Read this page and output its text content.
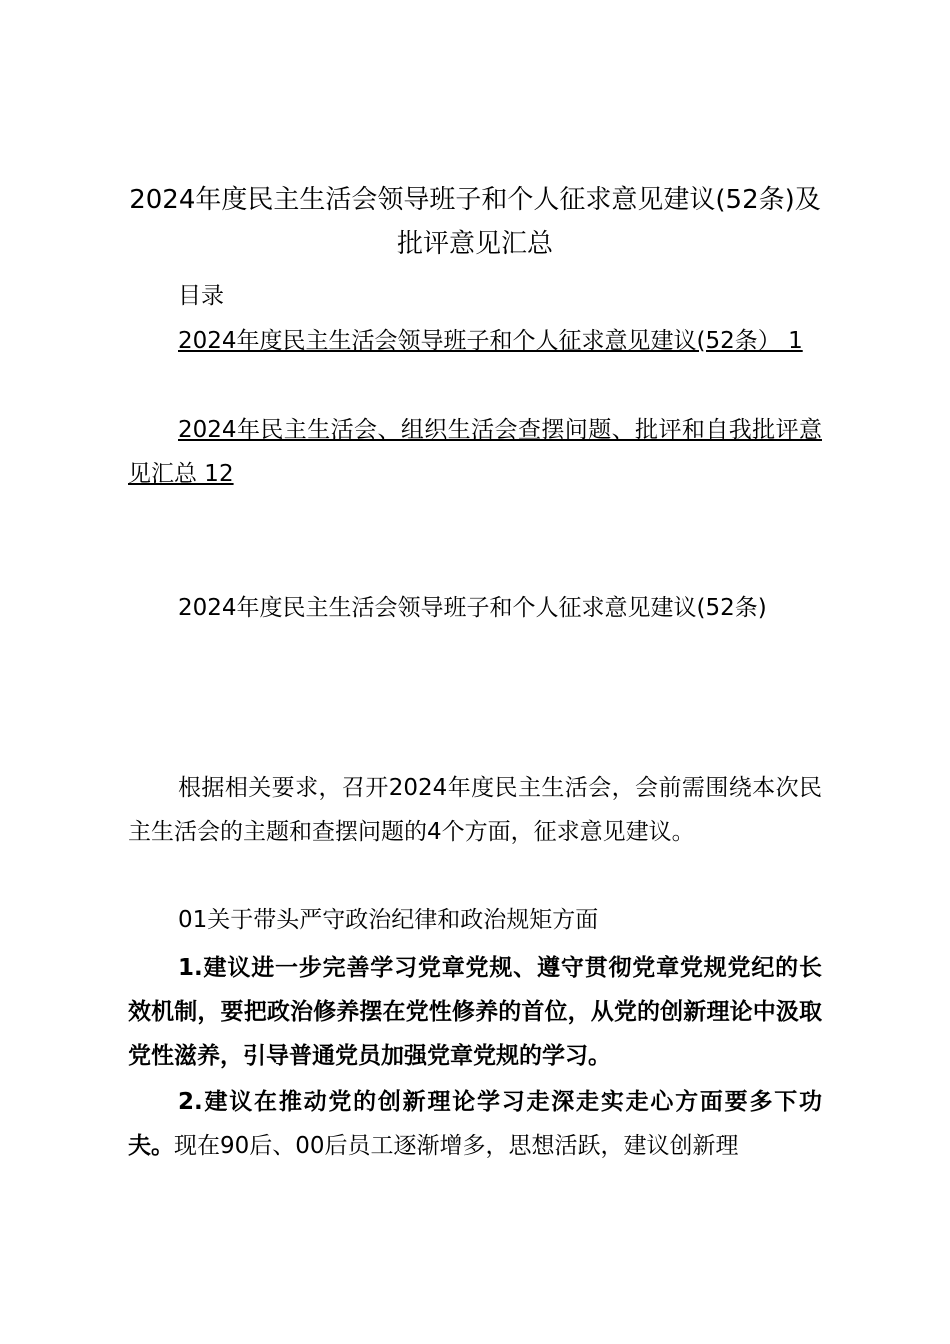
2024年度民主生活会领导班子和个人征求意见建议(52条)及批评意见汇总
目录
2024年度民主生活会领导班子和个人征求意见建议(52条） 1
2024年民主生活会、组织生活会查摆问题、批评和自我批评意见汇总 12
2024年度民主生活会领导班子和个人征求意见建议(52条)
根据相关要求，召开2024年度民主生活会，会前需围绕本次民主生活会的主题和查摆问题的4个方面，征求意见建议。
01关于带头严守政治纪律和政治规矩方面
1.建议进一步完善学习党章党规、遵守贯彻党章党规党纪的长效机制，要把政治修养摆在党性修养的首位，从党的创新理论中汲取党性滋养，引导普通党员加强党章党规的学习。
2.建议在推动党的创新理论学习走深走实走心方面要多下功夫。现在90后、00后员工逐渐增多，思想活跃，建议创新理
